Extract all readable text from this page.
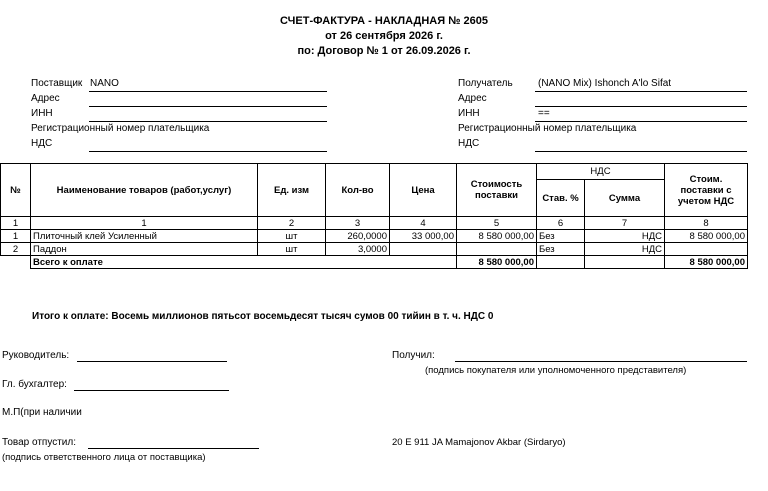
СЧЕТ-ФАКТУРА - НАКЛАДНАЯ № 2605
от 26 сентября 2026 г.
по: Договор № 1 от 26.09.2026 г.
Поставщик NANO
Адрес
ИНН
Регистрационный номер плательщика
НДС
Получатель	(NANO Mix) Ishonch A'lo Sifat
Адрес
ИНН	==
Регистрационный номер плательщика
НДС
№	Наименование товаров (работ,услуг)	Ед. изм	Кол-во	Цена	Стоимость поставки	НДС		Стоим. поставки с учетом НДС
						Став. %	Сумма	
1	1	2	3	4	5	6	7	8
1	Плиточный клей Усиленный	шт	260,0000	33 000,00	8 580 000,00	Без	НДС	8 580 000,00
2	Паддон	шт	3,0000			Без	НДС	
	Всего к оплате				8 580 000,00			8 580 000,00
Итого к оплате: Восемь миллионов пятьсот восемьдесят тысяч сумов 00 тийин в т. ч. НДС 0
Руководитель:	Получил:
(подпись покупателя или уполномоченного представителя)
Гл. бухгалтер:
М.П(при наличии
Товар отпустил:
(подпись ответственного лица от поставщика)
20 E 911 JA Mamajonov Akbar (Sirdaryo)
